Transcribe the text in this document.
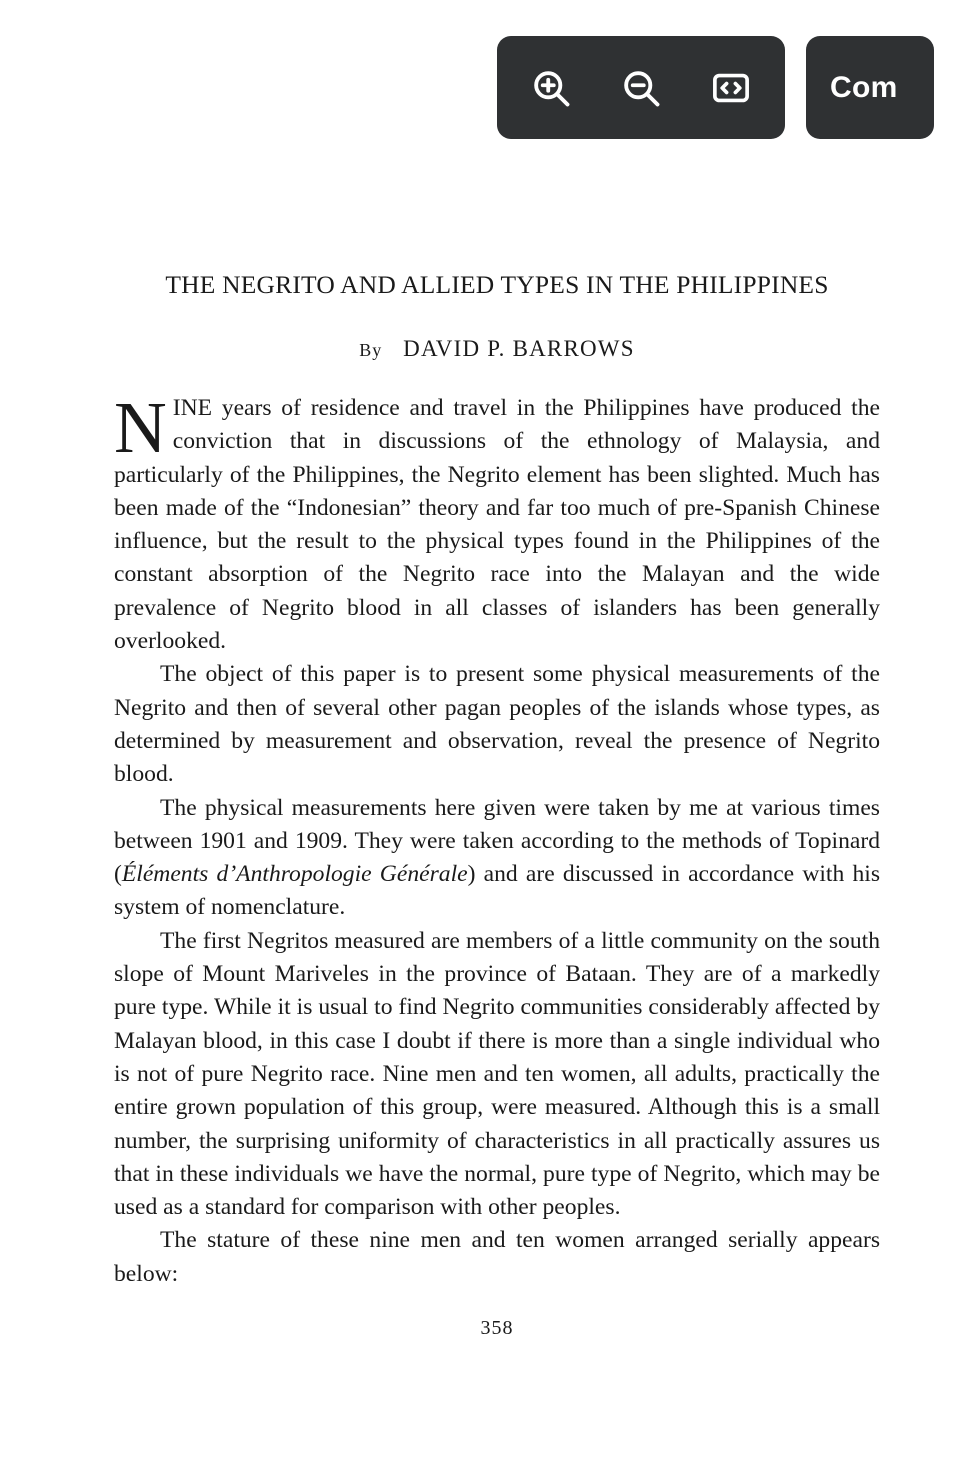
Com
THE NEGRITO AND ALLIED TYPES IN THE PHILIPPINES
By DAVID P. BARROWS

NINE years of residence and travel in the Philippines have produced the conviction that in discussions of the ethnology of Malaysia, and particularly of the Philippines, the Negrito element has been slighted. Much has been made of the “Indonesian” theory and far too much of pre-Spanish Chinese influence, but the result to the physical types found in the Philippines of the constant absorption of the Negrito race into the Malayan and the wide prevalence of Negrito blood in all classes of islanders has been generally overlooked.

The object of this paper is to present some physical measurements of the Negrito and then of several other pagan peoples of the islands whose types, as determined by measurement and observation, reveal the presence of Negrito blood.

The physical measurements here given were taken by me at various times between 1901 and 1909. They were taken according to the methods of Topinard (Éléments d’Anthropologie Générale) and are discussed in accordance with his system of nomenclature.

The first Negritos measured are members of a little community on the south slope of Mount Mariveles in the province of Bataan. They are of a markedly pure type. While it is usual to find Negrito communities considerably affected by Malayan blood, in this case I doubt if there is more than a single individual who is not of pure Negrito race. Nine men and ten women, all adults, practically the entire grown population of this group, were measured. Although this is a small number, the surprising uniformity of characteristics in all practically assures us that in these individuals we have the normal, pure type of Negrito, which may be used as a standard for comparison with other peoples.

The stature of these nine men and ten women arranged serially appears below:

358
